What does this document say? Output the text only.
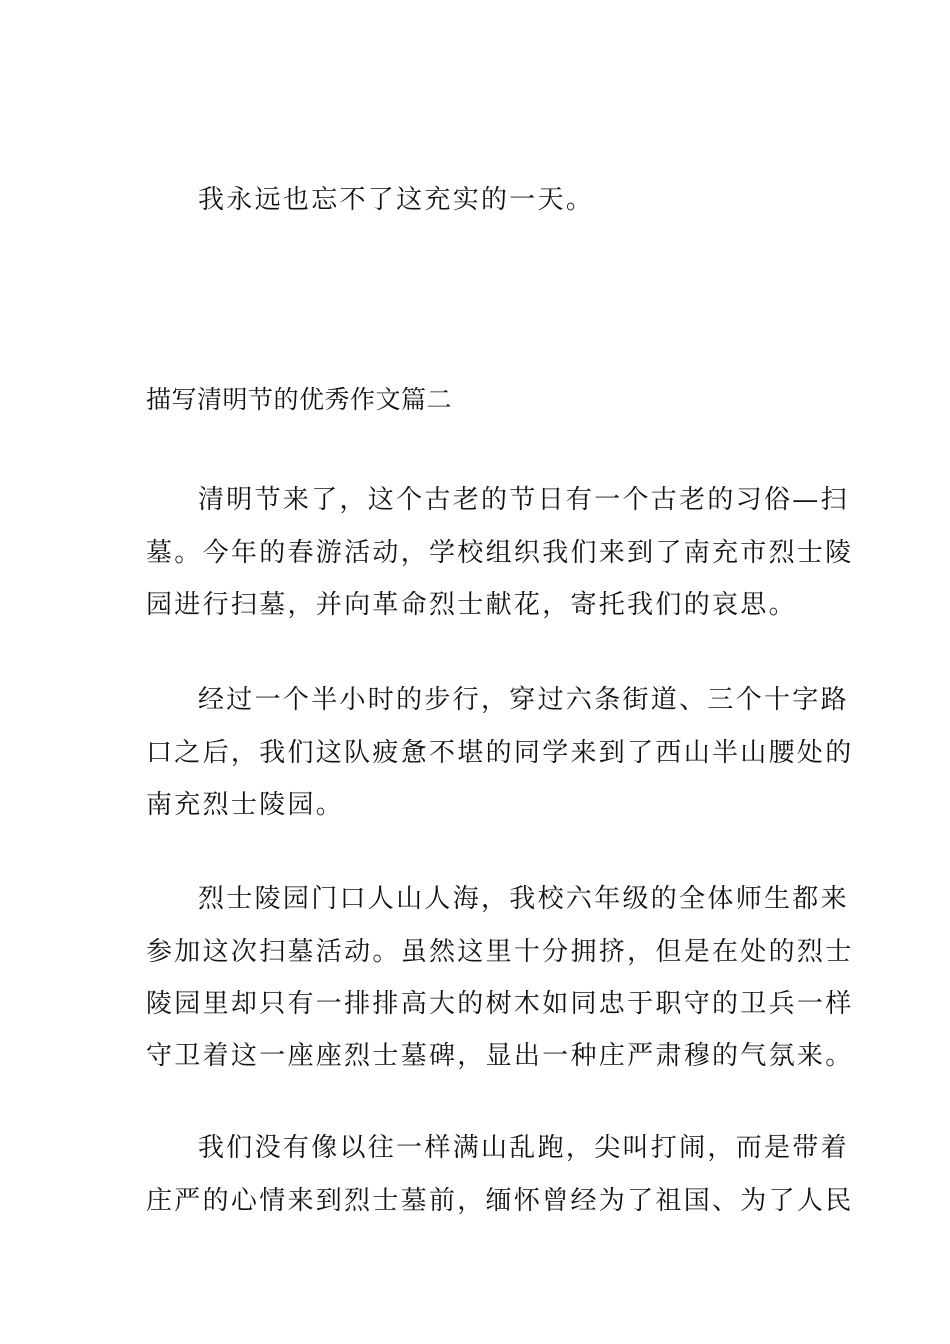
我永远也忘不了这充实的一天。
描写清明节的优秀作文篇二
清明节来了，这个古老的节日有一个古老的习俗—扫
墓。今年的春游活动，学校组织我们来到了南充市烈士陵
园进行扫墓，并向革命烈士献花，寄托我们的哀思。
经过一个半小时的步行，穿过六条街道、三个十字路
口之后，我们这队疲惫不堪的同学来到了西山半山腰处的
南充烈士陵园。
烈士陵园门口人山人海，我校六年级的全体师生都来
参加这次扫墓活动。虽然这里十分拥挤，但是在处的烈士
陵园里却只有一排排高大的树木如同忠于职守的卫兵一样
守卫着这一座座烈士墓碑，显出一种庄严肃穆的气氛来。
我们没有像以往一样满山乱跑，尖叫打闹，而是带着
庄严的心情来到烈士墓前，缅怀曾经为了祖国、为了人民
